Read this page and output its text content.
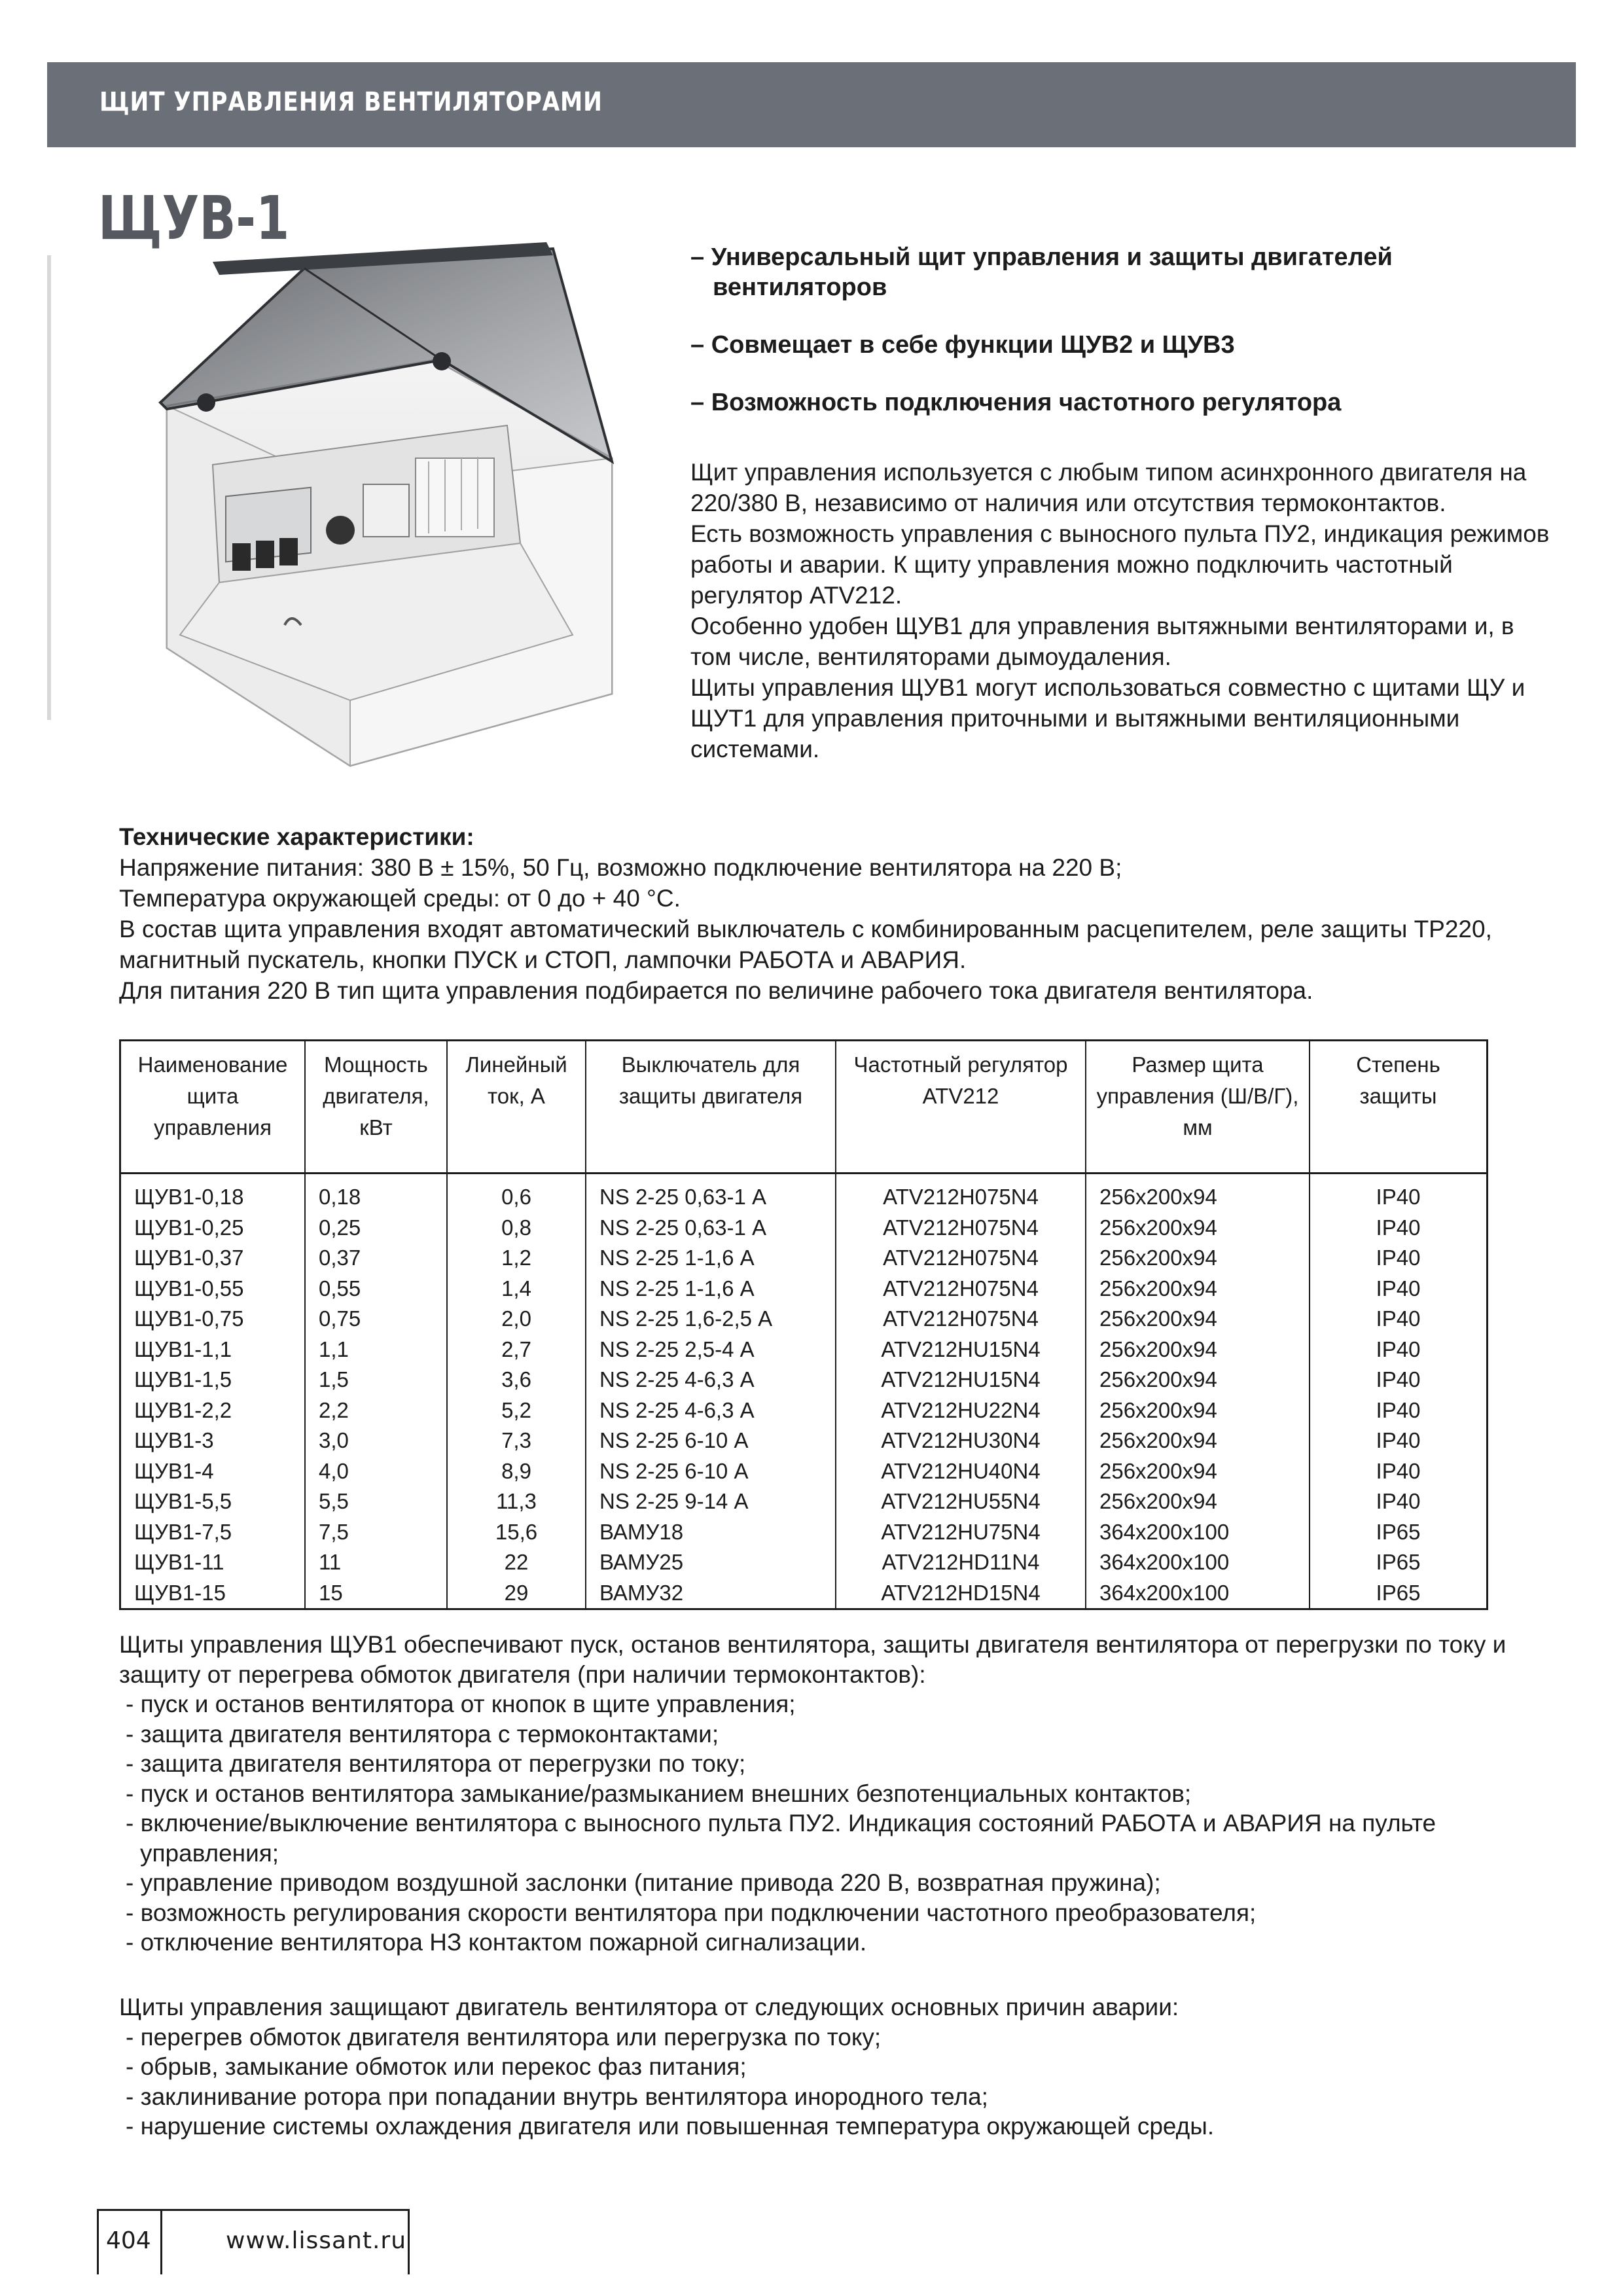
ЩИТ УПРАВЛЕНИЯ ВЕНТИЛЯТОРАМИ
ЩУВ-1
– Универсальный щит управления и защиты двигателей вентиляторов
– Совмещает в себе функции ЩУВ2 и ЩУВ3
– Возможность подключения частотного регулятора

Щит управления используется с любым типом асинхронного двигателя на 220/380 В, независимо от наличия или отсутствия термоконтактов.

Есть возможность управления с выносного пульта ПУ2, индикация режимов работы и аварии. К щиту управления можно подключить частотный регулятор ATV212.

Особенно удобен ЩУВ1 для управления вытяжными вентиляторами и, в том числе, вентиляторами дымоудаления.

Щиты управления ЩУВ1 могут использоваться совместно с щитами ЩУ и ЩУТ1 для управления приточными и вытяжными вентиляционными системами.

Технические характеристики:

Напряжение питания: 380 В ± 15%, 50 Гц, возможно подключение вентилятора на 220 В;

Температура окружающей среды: от 0 до + 40 °С.

В состав щита управления входят автоматический выключатель с комбинированным расцепителем, реле защиты TP220, магнитный пускатель, кнопки ПУСК и СТОП, лампочки РАБОТА и АВАРИЯ.

Для питания 220 В тип щита управления подбирается по величине рабочего тока двигателя вентилятора.

Наименование щита управления	Мощность двигателя, кВт	Линейный ток, А	Выключатель для защиты двигателя	Частотный регулятор ATV212	Размер щита управления (Ш/В/Г), мм	Степень защиты
ЩУВ1-0,18	0,18	0,6	NS 2-25 0,63-1 А	ATV212H075N4	256x200x94	IP40
ЩУВ1-0,25	0,25	0,8	NS 2-25 0,63-1 А	ATV212H075N4	256x200x94	IP40
ЩУВ1-0,37	0,37	1,2	NS 2-25 1-1,6 А	ATV212H075N4	256x200x94	IP40
ЩУВ1-0,55	0,55	1,4	NS 2-25 1-1,6 А	ATV212H075N4	256x200x94	IP40
ЩУВ1-0,75	0,75	2,0	NS 2-25 1,6-2,5 А	ATV212H075N4	256x200x94	IP40
ЩУВ1-1,1	1,1	2,7	NS 2-25 2,5-4 А	ATV212HU15N4	256x200x94	IP40
ЩУВ1-1,5	1,5	3,6	NS 2-25 4-6,3 А	ATV212HU15N4	256x200x94	IP40
ЩУВ1-2,2	2,2	5,2	NS 2-25 4-6,3 А	ATV212HU22N4	256x200x94	IP40
ЩУВ1-3	3,0	7,3	NS 2-25 6-10 А	ATV212HU30N4	256x200x94	IP40
ЩУВ1-4	4,0	8,9	NS 2-25 6-10 А	ATV212HU40N4	256x200x94	IP40
ЩУВ1-5,5	5,5	11,3	NS 2-25 9-14 А	ATV212HU55N4	256x200x94	IP40
ЩУВ1-7,5	7,5	15,6	ВАМУ18	ATV212HU75N4	364x200x100	IP65
ЩУВ1-11	11	22	ВАМУ25	ATV212HD11N4	364x200x100	IP65
ЩУВ1-15	15	29	ВАМУ32	ATV212HD15N4	364x200x100	IP65

Щиты управления ЩУВ1 обеспечивают пуск, останов вентилятора, защиты двигателя вентилятора от перегрузки по току и защиту от перегрева обмоток двигателя (при наличии термоконтактов):

- пуск и останов вентилятора от кнопок в щите управления;
- защита двигателя вентилятора с термоконтактами;
- защита двигателя вентилятора от перегрузки по току;
- пуск и останов вентилятора замыкание/размыканием внешних безпотенциальных контактов;
- включение/выключение вентилятора с выносного пульта ПУ2. Индикация состояний РАБОТА и АВАРИЯ на пульте управления;
- управление приводом воздушной заслонки (питание привода 220 В, возвратная пружина);
- возможность регулирования скорости вентилятора при подключении частотного преобразователя;
- отключение вентилятора НЗ контактом пожарной сигнализации.

Щиты управления защищают двигатель вентилятора от следующих основных причин аварии:

- перегрев обмоток двигателя вентилятора или перегрузка по току;
- обрыв, замыкание обмоток или перекос фаз питания;
- заклинивание ротора при попадании внутрь вентилятора инородного тела;
- нарушение системы охлаждения двигателя или повышенная температура окружающей среды.
404	www.lissant.ru
